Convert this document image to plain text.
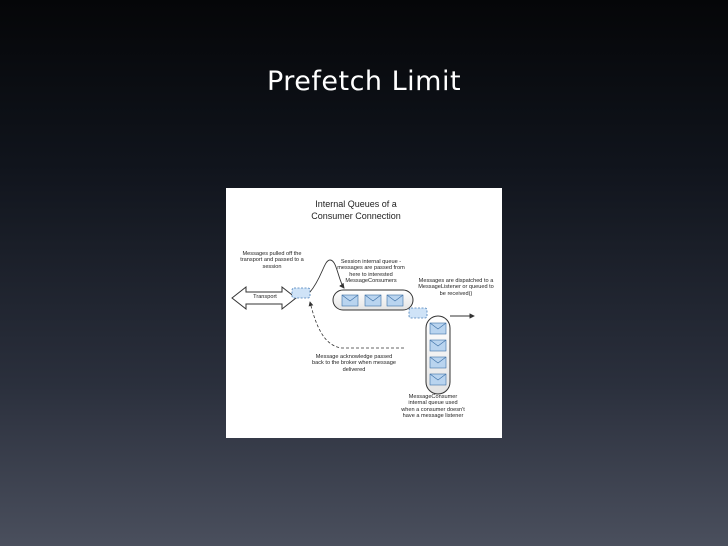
Prefetch Limit
Internal Queues of a
Consumer Connection
Messages pulled off the transport and passed to a session
Session internal queue - messages are passed from here to interested MessageConsumers	Messages are dispatched to a MessageListener or queued to be received()
Message acknowledge passed back to the broker when message delivered
MessageConsumer internal queue used when a consumer doesn't have a message listener
Transport
